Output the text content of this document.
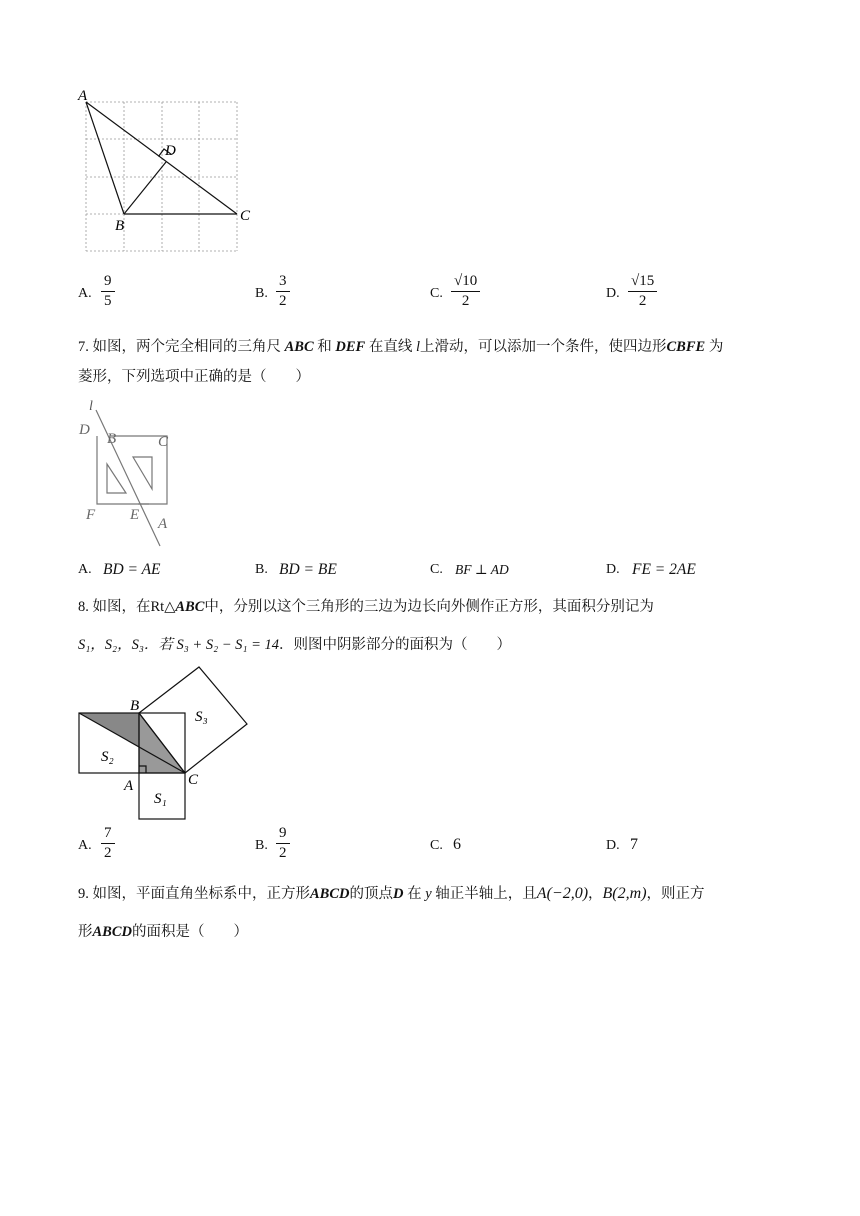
A
D
B
C
A.
9
5	B.
3
2	C.
√10
2	D.
√15
2
7. 如图，两个完全相同的三角尺 ABC 和 DEF 在直线 l上滑动，可以添加一个条件，使四边形CBFE 为
菱形，下列选项中正确的是（　　）
l
D
B	C
F E
A
A. BD = AE	B. BD = BE	C. BF ⊥ AD	D. FE = 2AE
8. 如图，在Rt△ABC中，分别以这个三角形的三边为边长向外侧作正方形，其面积分别记为
S₁，S₂，S₃．若 S₃ + S₂ − S₁ = 14．则图中阴影部分的面积为（　　）
B
A	C
S₂
S₃
S₁
A.
7
2	B.
9
2	C. 6	D. 7
9. 如图，平面直角坐标系中，正方形ABCD的顶点D 在 y 轴正半轴上，且A(−2,0)，B(2,m)，则正方
形ABCD的面积是（　　）
